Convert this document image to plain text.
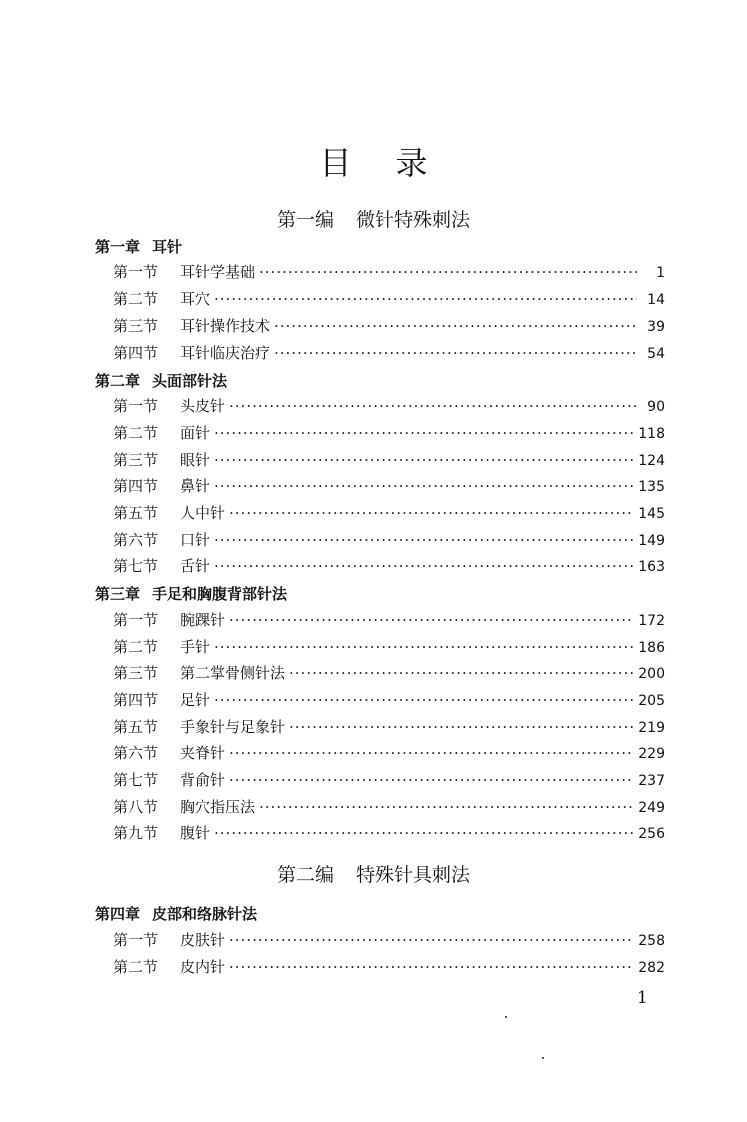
目录
第一编 微针特殊刺法
第一章 耳针
第一节	耳针学基础 ·····	1
第二节	耳穴 ·····	14
第三节	耳针操作技术 ·····	39
第四节	耳针临庆治疗 ·····	54
第二章 头面部针法
第一节	头皮针 ·····	90
第二节	面针 ·····	118
第三节	眼针 ·····	124
第四节	鼻针 ·····	135
第五节	人中针 ·····	145
第六节	口针 ·····	149
第七节	舌针 ·····	163
第三章 手足和胸腹背部针法
第一节	腕踝针 ·····	172
第二节	手针 ·····	186
第三节	第二掌骨侧针法 ·····	200
第四节	足针 ·····	205
第五节	手象针与足象针 ·····	219
第六节	夹脊针 ·····	229
第七节	背俞针 ·····	237
第八节	胸穴指压法 ·····	249
第九节	腹针 ·····	256
第二编 特殊针具刺法
第四章 皮部和络脉针法
第一节	皮肤针 ·····	258
第二节	皮内针 ·····	282
1
